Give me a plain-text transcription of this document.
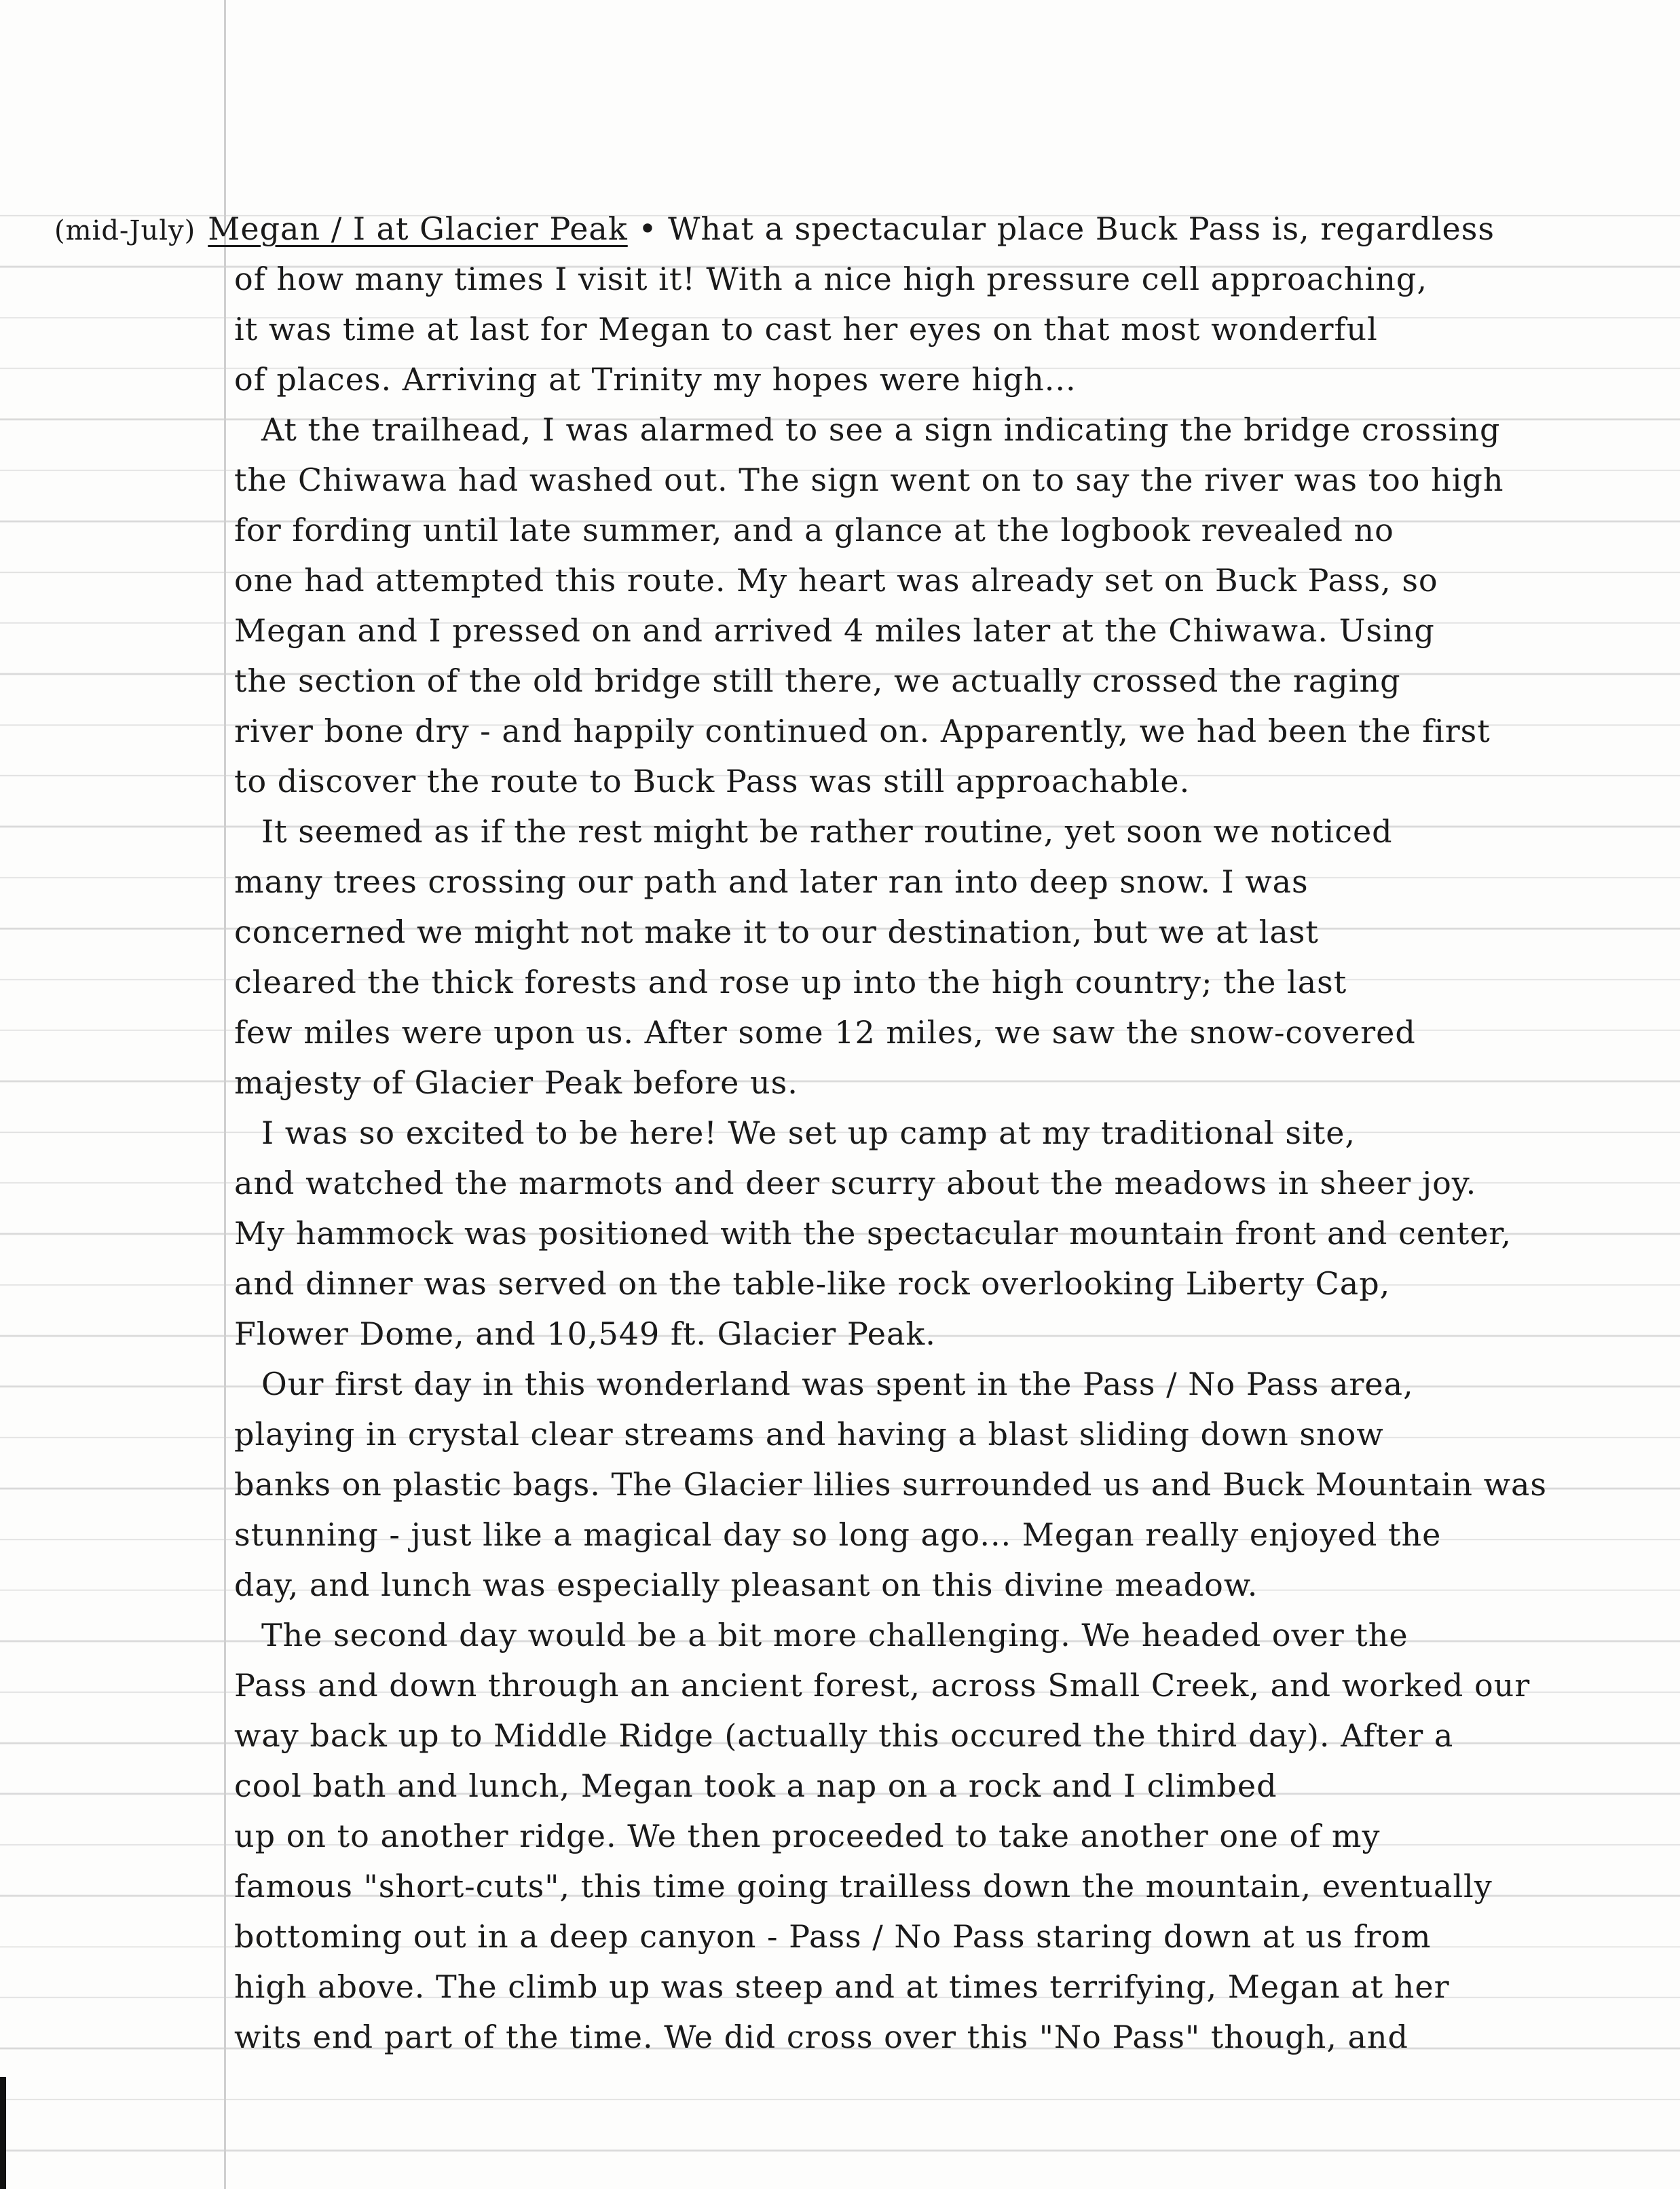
(mid-July) Megan / I at Glacier Peak • What a spectacular place Buck Pass is, regardless
of how many times I visit it! With a nice high pressure cell approaching,
it was time at last for Megan to cast her eyes on that most wonderful
of places. Arriving at Trinity my hopes were high...
At the trailhead, I was alarmed to see a sign indicating the bridge crossing
the Chiwawa had washed out. The sign went on to say the river was too high
for fording until late summer, and a glance at the logbook revealed no
one had attempted this route. My heart was already set on Buck Pass, so
Megan and I pressed on and arrived 4 miles later at the Chiwawa. Using
the section of the old bridge still there, we actually crossed the raging
river bone dry - and happily continued on. Apparently, we had been the first
to discover the route to Buck Pass was still approachable.
It seemed as if the rest might be rather routine, yet soon we noticed
many trees crossing our path and later ran into deep snow. I was
concerned we might not make it to our destination, but we at last
cleared the thick forests and rose up into the high country; the last
few miles were upon us. After some 12 miles, we saw the snow-covered
majesty of Glacier Peak before us.
I was so excited to be here! We set up camp at my traditional site,
and watched the marmots and deer scurry about the meadows in sheer joy.
My hammock was positioned with the spectacular mountain front and center,
and dinner was served on the table-like rock overlooking Liberty Cap,
Flower Dome, and 10,549 ft. Glacier Peak.
Our first day in this wonderland was spent in the Pass / No Pass area,
playing in crystal clear streams and having a blast sliding down snow
banks on plastic bags. The Glacier lilies surrounded us and Buck Mountain was
stunning - just like a magical day so long ago... Megan really enjoyed the
day, and lunch was especially pleasant on this divine meadow.
The second day would be a bit more challenging. We headed over the
Pass and down through an ancient forest, across Small Creek, and worked our
way back up to Middle Ridge (actually this occured the third day). After a
cool bath and lunch, Megan took a nap on a rock and I climbed
up on to another ridge. We then proceeded to take another one of my
famous "short-cuts", this time going trailless down the mountain, eventually
bottoming out in a deep canyon - Pass / No Pass staring down at us from
high above. The climb up was steep and at times terrifying, Megan at her
wits end part of the time. We did cross over this "No Pass" though, and
